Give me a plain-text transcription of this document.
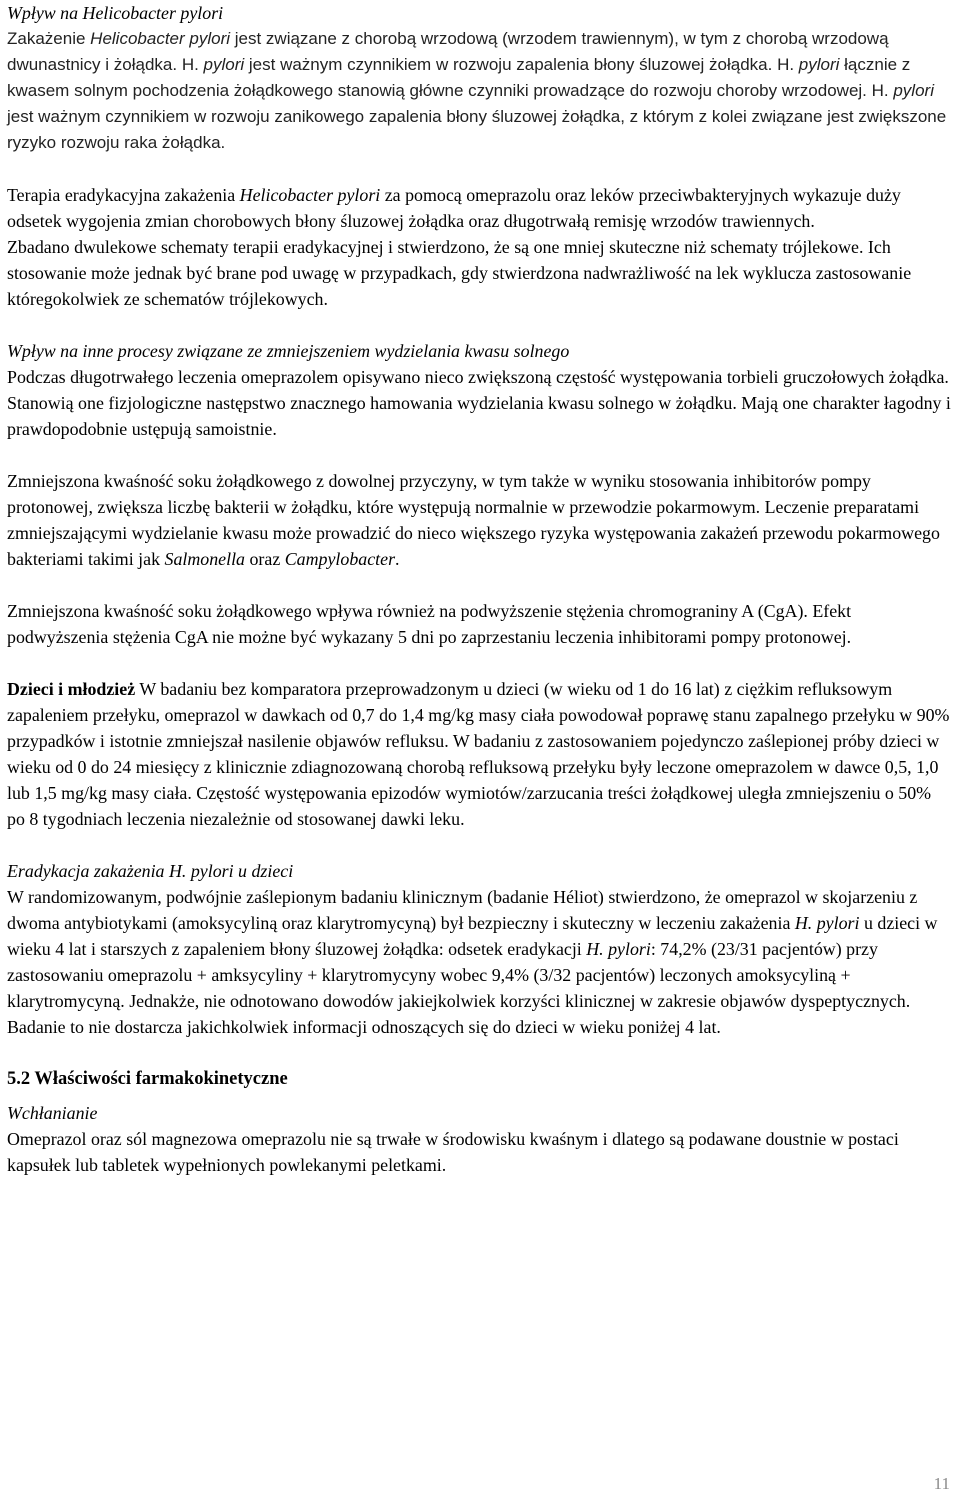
Wpływ na Helicobacter pylori

Zakażenie Helicobacter pylori jest związane z chorobą wrzodową (wrzodem trawiennym), w tym z chorobą wrzodową dwunastnicy i żołądka. H. pylori jest ważnym czynnikiem w rozwoju zapalenia błony śluzowej żołądka. H. pylori łącznie z kwasem solnym pochodzenia żołądkowego stanowią główne czynniki prowadzące do rozwoju choroby wrzodowej. H. pylori jest ważnym czynnikiem w rozwoju zanikowego zapalenia błony śluzowej żołądka, z którym z kolei związane jest zwiększone ryzyko rozwoju raka żołądka.

Terapia eradykacyjna zakażenia Helicobacter pylori za pomocą omeprazolu oraz leków przeciwbakteryjnych wykazuje duży odsetek wygojenia zmian chorobowych błony śluzowej żołądka oraz długotrwałą remisję wrzodów trawiennych.

Zbadano dwulekowe schematy terapii eradykacyjnej i stwierdzono, że są one mniej skuteczne niż schematy trójlekowe. Ich stosowanie może jednak być brane pod uwagę w przypadkach, gdy stwierdzona nadwrażliwość na lek wyklucza zastosowanie któregokolwiek ze schematów trójlekowych.

Wpływ na inne procesy związane ze zmniejszeniem wydzielania kwasu solnego

Podczas długotrwałego leczenia omeprazolem opisywano nieco zwiększoną częstość występowania torbieli gruczołowych żołądka. Stanowią one fizjologiczne następstwo znacznego hamowania wydzielania kwasu solnego w żołądku. Mają one charakter łagodny i prawdopodobnie ustępują samoistnie.

Zmniejszona kwaśność soku żołądkowego z dowolnej przyczyny, w tym także w wyniku stosowania inhibitorów pompy protonowej, zwiększa liczbę bakterii w żołądku, które występują normalnie w przewodzie pokarmowym. Leczenie preparatami zmniejszającymi wydzielanie kwasu może prowadzić do nieco większego ryzyka występowania zakażeń przewodu pokarmowego bakteriami takimi jak Salmonella oraz Campylobacter.

Zmniejszona kwaśność soku żołądkowego wpływa również na podwyższenie stężenia chromograniny A (CgA). Efekt podwyższenia stężenia CgA nie możne być wykazany 5 dni po zaprzestaniu leczenia inhibitorami pompy protonowej.

Dzieci i młodzież W badaniu bez komparatora przeprowadzonym u dzieci (w wieku od 1 do 16 lat) z ciężkim refluksowym zapaleniem przełyku, omeprazol w dawkach od 0,7 do 1,4 mg/kg masy ciała powodował poprawę stanu zapalnego przełyku w 90% przypadków i istotnie zmniejszał nasilenie objawów refluksu. W badaniu z zastosowaniem pojedynczo zaślepionej próby dzieci w wieku od 0 do 24 miesięcy z klinicznie zdiagnozowaną chorobą refluksową przełyku były leczone omeprazolem w dawce 0,5, 1,0 lub 1,5 mg/kg masy ciała. Częstość występowania epizodów wymiotów/zarzucania treści żołądkowej uległa zmniejszeniu o 50% po 8 tygodniach leczenia niezależnie od stosowanej dawki leku.

Eradykacja zakażenia H. pylori u dzieci

W randomizowanym, podwójnie zaślepionym badaniu klinicznym (badanie Héliot) stwierdzono, że omeprazol w skojarzeniu z dwoma antybiotykami (amoksycyliną oraz klarytromycyną) był bezpieczny i skuteczny w leczeniu zakażenia H. pylori u dzieci w wieku 4 lat i starszych z zapaleniem błony śluzowej żołądka: odsetek eradykacji H. pylori: 74,2% (23/31 pacjentów) przy zastosowaniu omeprazolu + amksycyliny + klarytromycyny wobec 9,4% (3/32 pacjentów) leczonych amoksycyliną + klarytromycyną. Jednakże, nie odnotowano dowodów jakiejkolwiek korzyści klinicznej w zakresie objawów dyspeptycznych. Badanie to nie dostarcza jakichkolwiek informacji odnoszących się do dzieci w wieku poniżej 4 lat.

5.2 Właściwości farmakokinetyczne

Wchłanianie

Omeprazol oraz sól magnezowa omeprazolu nie są trwałe w środowisku kwaśnym i dlatego są podawane doustnie w postaci kapsułek lub tabletek wypełnionych powlekanymi peletkami.

11
